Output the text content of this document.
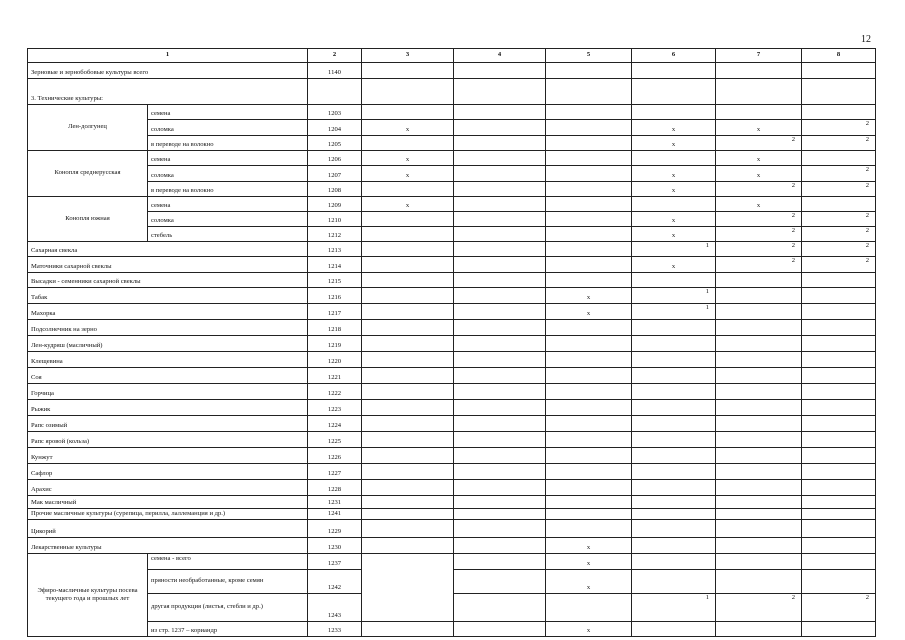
12
1		2	3	4	5	6	7	8
Зерновые и зернобобовые культуры всего		1140						
3. Технические культуры:								
Лен-долгунец	семена	1203						
	соломка	1204	x			x	x	2
	в переводе на волокно	1205				x	2	2
Конопля среднерусская	семена	1206	x				x	
	соломка	1207	x			x	x	2
	в переводе на волокно	1208				x	2	2
Конопля южная	семена	1209	x				x	
	соломка	1210				x	2	2
	стебель	1212				x	2	2
Сахарная свекла		1213				1	2	2
Маточники сахарной свеклы		1214				x	2	2
Высадки - семенники сахарной свеклы		1215						
Табак		1216			x	1		
Махорка		1217			x	1		
Подсолнечник на зерно		1218						
Лен-кудряш (масличный)		1219						
Клещевина		1220						
Соя		1221						
Горчица		1222						
Рыжик		1223						
Рапс озимый		1224						
Рапс яровой (кольза)		1225						
Кунжут		1226						
Сафлор		1227						
Арахис		1228						
Мак масличный		1231						
Прочие масличные культуры (сурепица, перилла, лаллеманция и др.)		1241						
Цикорий		1229						
Лекарственные культуры		1230			x			
Эфиро-масличные культуры посева текущего года и прошлых лет	семена - всего	1237			x			
	пряности необработанные, кроме семян	1242			x			
	другая продукция (листья, стебли и др.)	1243				1	2	2
	из стр. 1237 – кориандр	1233			x			
